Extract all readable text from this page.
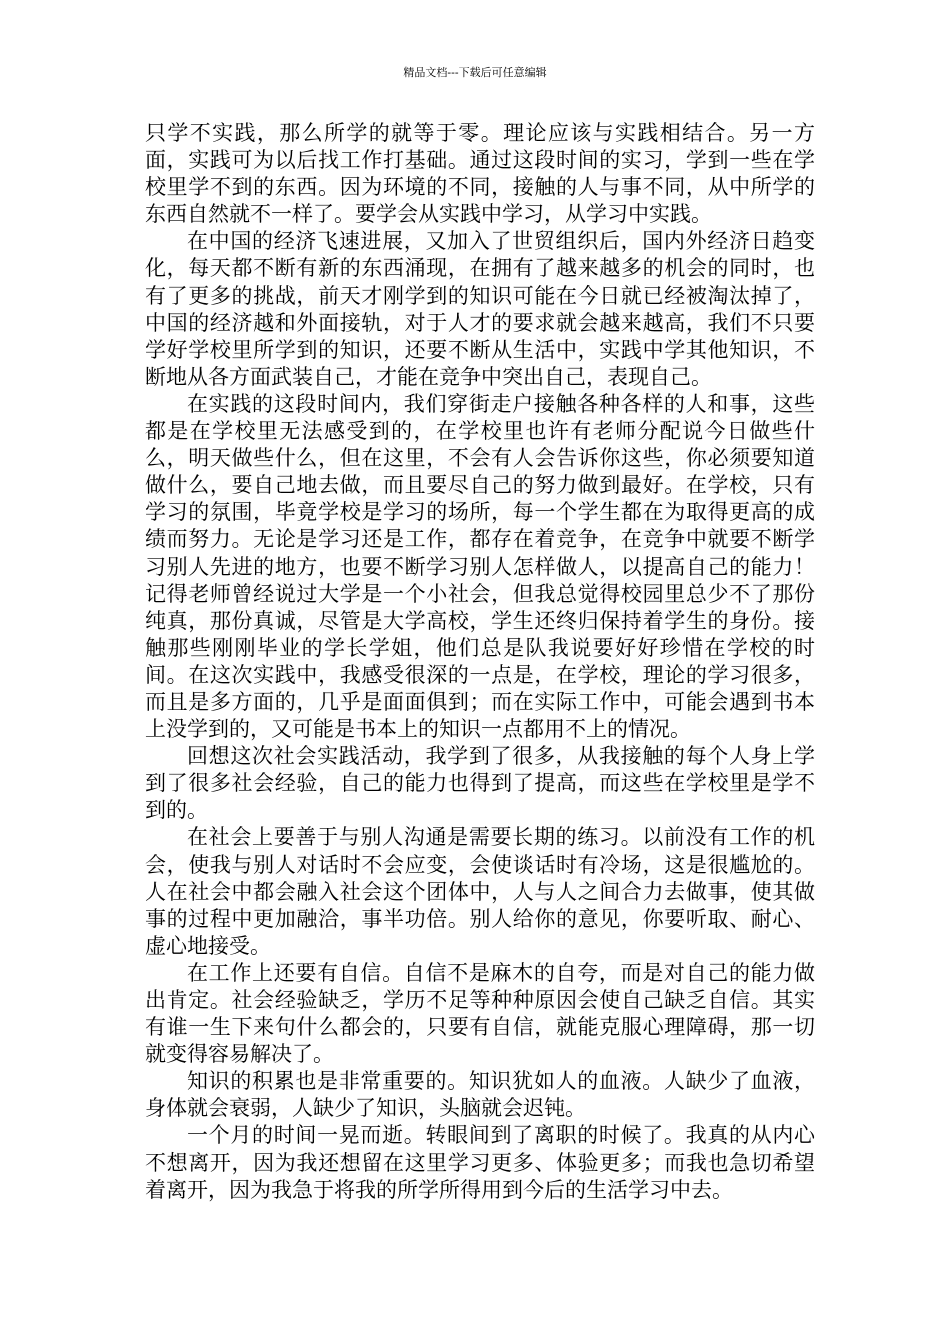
精品文档---下载后可任意编辑

只学不实践，那么所学的就等于零。理论应该与实践相结合。另一方面，实践可为以后找工作打基础。通过这段时间的实习，学到一些在学校里学不到的东西。因为环境的不同，接触的人与事不同，从中所学的东西自然就不一样了。要学会从实践中学习，从学习中实践。

在中国的经济飞速进展，又加入了世贸组织后，国内外经济日趋变化，每天都不断有新的东西涌现，在拥有了越来越多的机会的同时，也有了更多的挑战，前天才刚学到的知识可能在今日就已经被淘汰掉了，中国的经济越和外面接轨，对于人才的要求就会越来越高，我们不只要学好学校里所学到的知识，还要不断从生活中，实践中学其他知识，不断地从各方面武装自己，才能在竞争中突出自己，表现自己。

在实践的这段时间内，我们穿街走户接触各种各样的人和事，这些都是在学校里无法感受到的，在学校里也许有老师分配说今日做些什么，明天做些什么，但在这里，不会有人会告诉你这些，你必须要知道做什么，要自己地去做，而且要尽自己的努力做到最好。在学校，只有学习的氛围，毕竟学校是学习的场所，每一个学生都在为取得更高的成绩而努力。无论是学习还是工作，都存在着竞争，在竞争中就要不断学习别人先进的地方，也要不断学习别人怎样做人，以提高自己的能力！记得老师曾经说过大学是一个小社会，但我总觉得校园里总少不了那份纯真，那份真诚，尽管是大学高校，学生还终归保持着学生的身份。接触那些刚刚毕业的学长学姐，他们总是队我说要好好珍惜在学校的时间。在这次实践中，我感受很深的一点是，在学校，理论的学习很多，而且是多方面的，几乎是面面俱到；而在实际工作中，可能会遇到书本上没学到的，又可能是书本上的知识一点都用不上的情况。

回想这次社会实践活动，我学到了很多，从我接触的每个人身上学到了很多社会经验，自己的能力也得到了提高，而这些在学校里是学不到的。

在社会上要善于与别人沟通是需要长期的练习。以前没有工作的机会，使我与别人对话时不会应变，会使谈话时有冷场，这是很尴尬的。人在社会中都会融入社会这个团体中，人与人之间合力去做事，使其做事的过程中更加融洽，事半功倍。别人给你的意见，你要听取、耐心、虚心地接受。

在工作上还要有自信。自信不是麻木的自夸，而是对自己的能力做出肯定。社会经验缺乏，学历不足等种种原因会使自己缺乏自信。其实有谁一生下来句什么都会的，只要有自信，就能克服心理障碍，那一切就变得容易解决了。

知识的积累也是非常重要的。知识犹如人的血液。人缺少了血液，身体就会衰弱，人缺少了知识，头脑就会迟钝。

一个月的时间一晃而逝。转眼间到了离职的时候了。我真的从内心不想离开，因为我还想留在这里学习更多、体验更多；而我也急切希望着离开，因为我急于将我的所学所得用到今后的生活学习中去。
